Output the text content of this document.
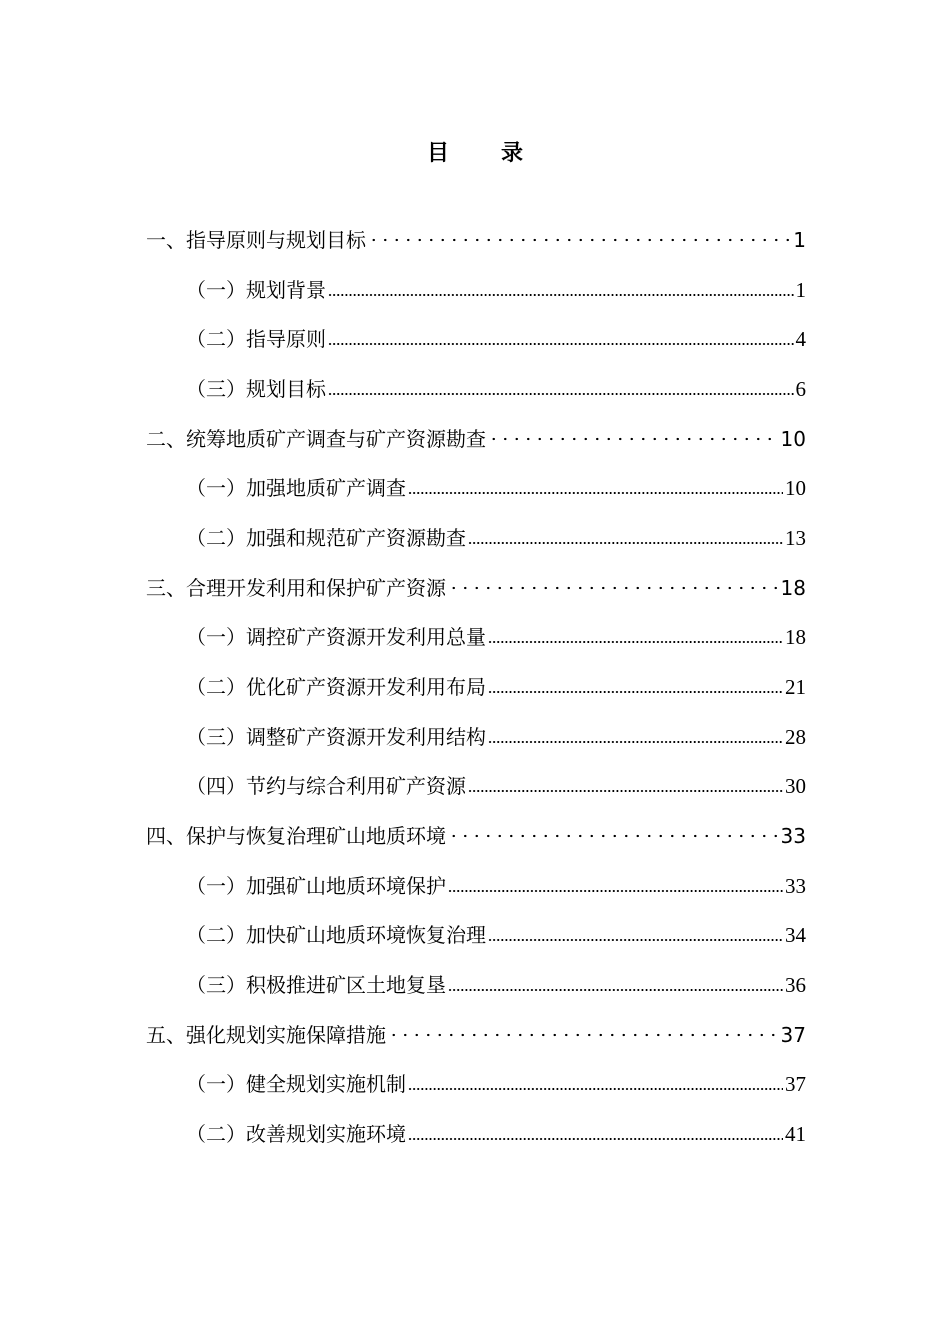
目 录
一、指导原则与规划目标	1
（一）规划背景	1
（二）指导原则	4
（三）规划目标	6
二、统筹地质矿产调查与矿产资源勘查	10
（一）加强地质矿产调查	10
（二）加强和规范矿产资源勘查	13
三、合理开发利用和保护矿产资源	18
（一）调控矿产资源开发利用总量	18
（二）优化矿产资源开发利用布局	21
（三）调整矿产资源开发利用结构	28
（四）节约与综合利用矿产资源	30
四、保护与恢复治理矿山地质环境	33
（一）加强矿山地质环境保护	33
（二）加快矿山地质环境恢复治理	34
（三）积极推进矿区土地复垦	36
五、强化规划实施保障措施	37
（一）健全规划实施机制	37
（二）改善规划实施环境	41
